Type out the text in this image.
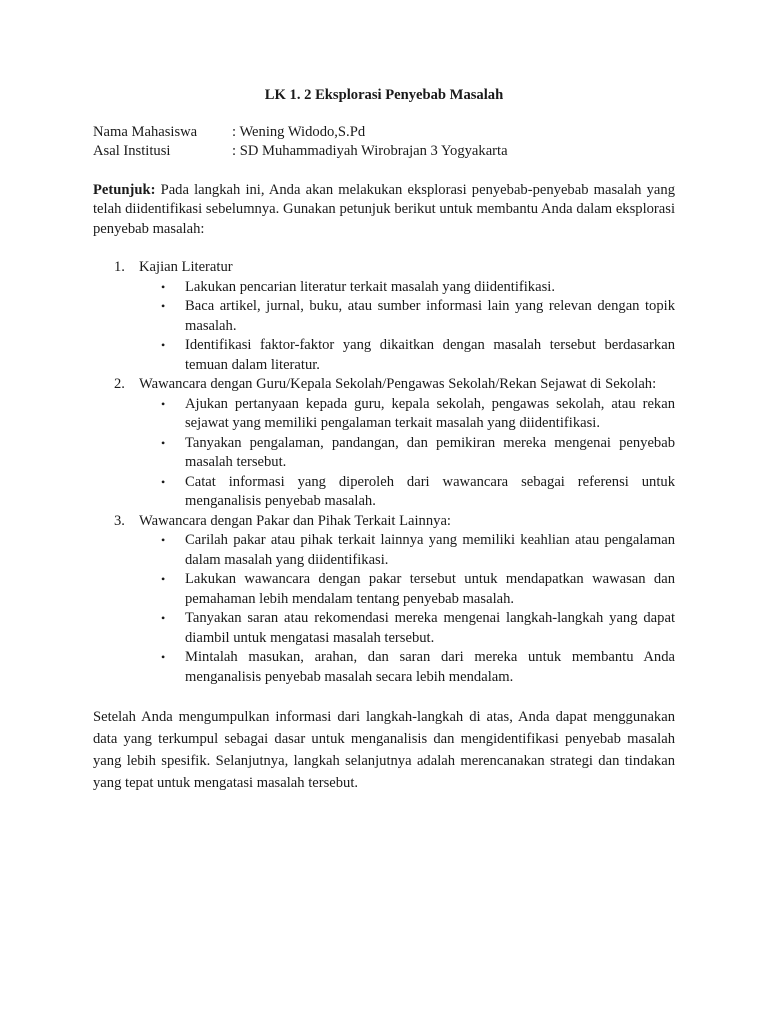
LK 1. 2 Eksplorasi Penyebab Masalah
Nama Mahasiswa	: Wening Widodo,S.Pd
Asal Institusi	: SD Muhammadiyah Wirobrajan 3 Yogyakarta

Petunjuk: Pada langkah ini, Anda akan melakukan eksplorasi penyebab-penyebab masalah yang telah diidentifikasi sebelumnya. Gunakan petunjuk berikut untuk membantu Anda dalam eksplorasi penyebab masalah:

1. Kajian Literatur
• Lakukan pencarian literatur terkait masalah yang diidentifikasi.
• Baca artikel, jurnal, buku, atau sumber informasi lain yang relevan dengan topik masalah.
• Identifikasi faktor-faktor yang dikaitkan dengan masalah tersebut berdasarkan temuan dalam literatur.
2. Wawancara dengan Guru/Kepala Sekolah/Pengawas Sekolah/Rekan Sejawat di Sekolah:
• Ajukan pertanyaan kepada guru, kepala sekolah, pengawas sekolah, atau rekan sejawat yang memiliki pengalaman terkait masalah yang diidentifikasi.
• Tanyakan pengalaman, pandangan, dan pemikiran mereka mengenai penyebab masalah tersebut.
• Catat informasi yang diperoleh dari wawancara sebagai referensi untuk menganalisis penyebab masalah.
3. Wawancara dengan Pakar dan Pihak Terkait Lainnya:
• Carilah pakar atau pihak terkait lainnya yang memiliki keahlian atau pengalaman dalam masalah yang diidentifikasi.
• Lakukan wawancara dengan pakar tersebut untuk mendapatkan wawasan dan pemahaman lebih mendalam tentang penyebab masalah.
• Tanyakan saran atau rekomendasi mereka mengenai langkah-langkah yang dapat diambil untuk mengatasi masalah tersebut.
• Mintalah masukan, arahan, dan saran dari mereka untuk membantu Anda menganalisis penyebab masalah secara lebih mendalam.

Setelah Anda mengumpulkan informasi dari langkah-langkah di atas, Anda dapat menggunakan data yang terkumpul sebagai dasar untuk menganalisis dan mengidentifikasi penyebab masalah yang lebih spesifik. Selanjutnya, langkah selanjutnya adalah merencanakan strategi dan tindakan yang tepat untuk mengatasi masalah tersebut.
